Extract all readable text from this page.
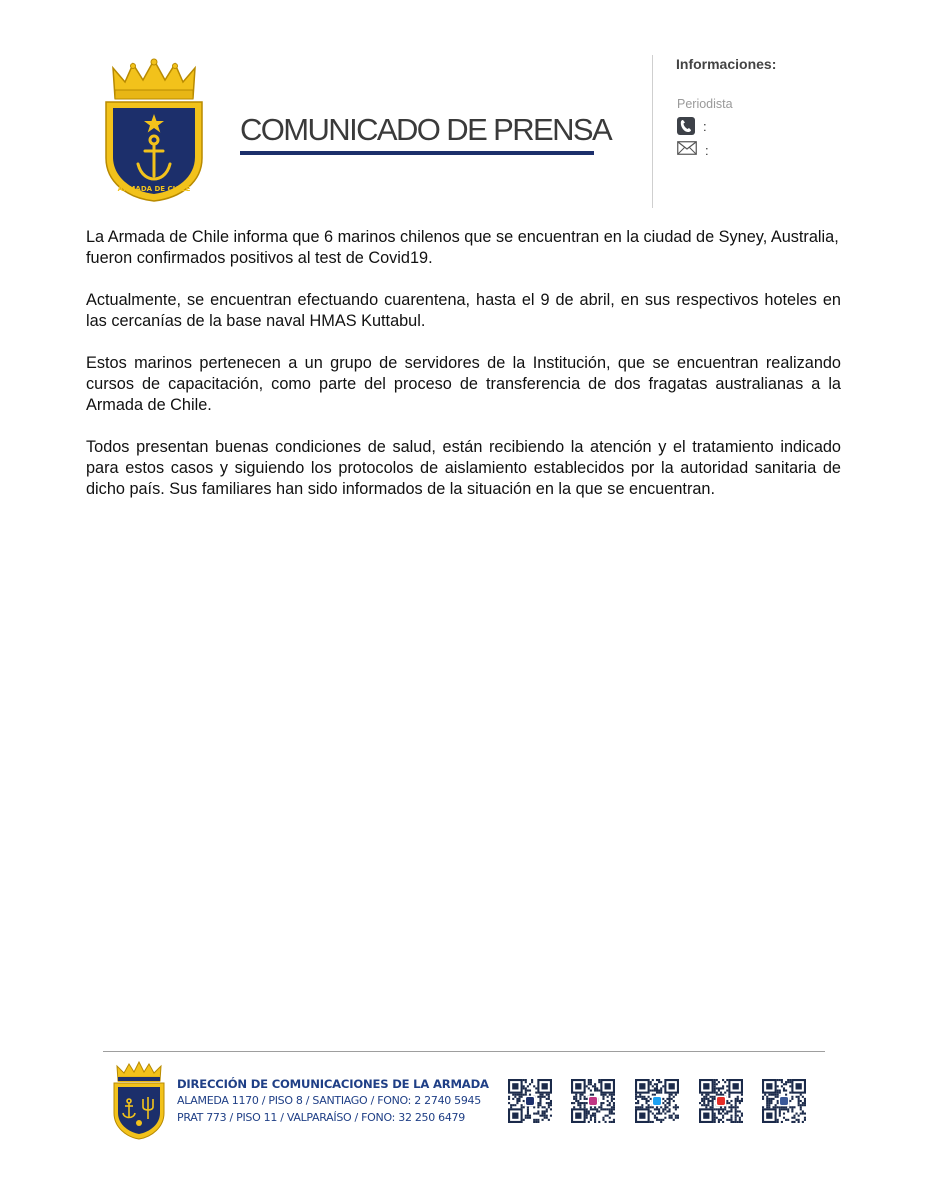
ARMADA DE CHILE
COMUNICADO DE PRENSA
Informaciones:
Periodista
:
:

La Armada de Chile informa que 6 marinos chilenos que se encuentran en la ciudad de Syney, Australia, fueron confirmados positivos al test de Covid19.

Actualmente, se encuentran efectuando cuarentena, hasta el 9 de abril, en sus respectivos hoteles en las cercanías de la base naval HMAS Kuttabul.

Estos marinos pertenecen a un grupo de servidores de la Institución, que se encuentran realizando cursos de capacitación, como parte del proceso de transferencia de dos fragatas australianas a la Armada de Chile.

Todos presentan buenas condiciones de salud, están recibiendo la atención y el tratamiento indicado para estos casos y siguiendo los protocolos de aislamiento establecidos por la autoridad sanitaria de dicho país. Sus familiares han sido informados de la situación en la que se encuentran.

DIRECCIÓN DE COMUNICACIONES DE LA ARMADA
ALAMEDA 1170 / PISO 8 / SANTIAGO / FONO: 2 2740 5945
PRAT 773 / PISO 11 / VALPARAÍSO / FONO: 32 250 6479
